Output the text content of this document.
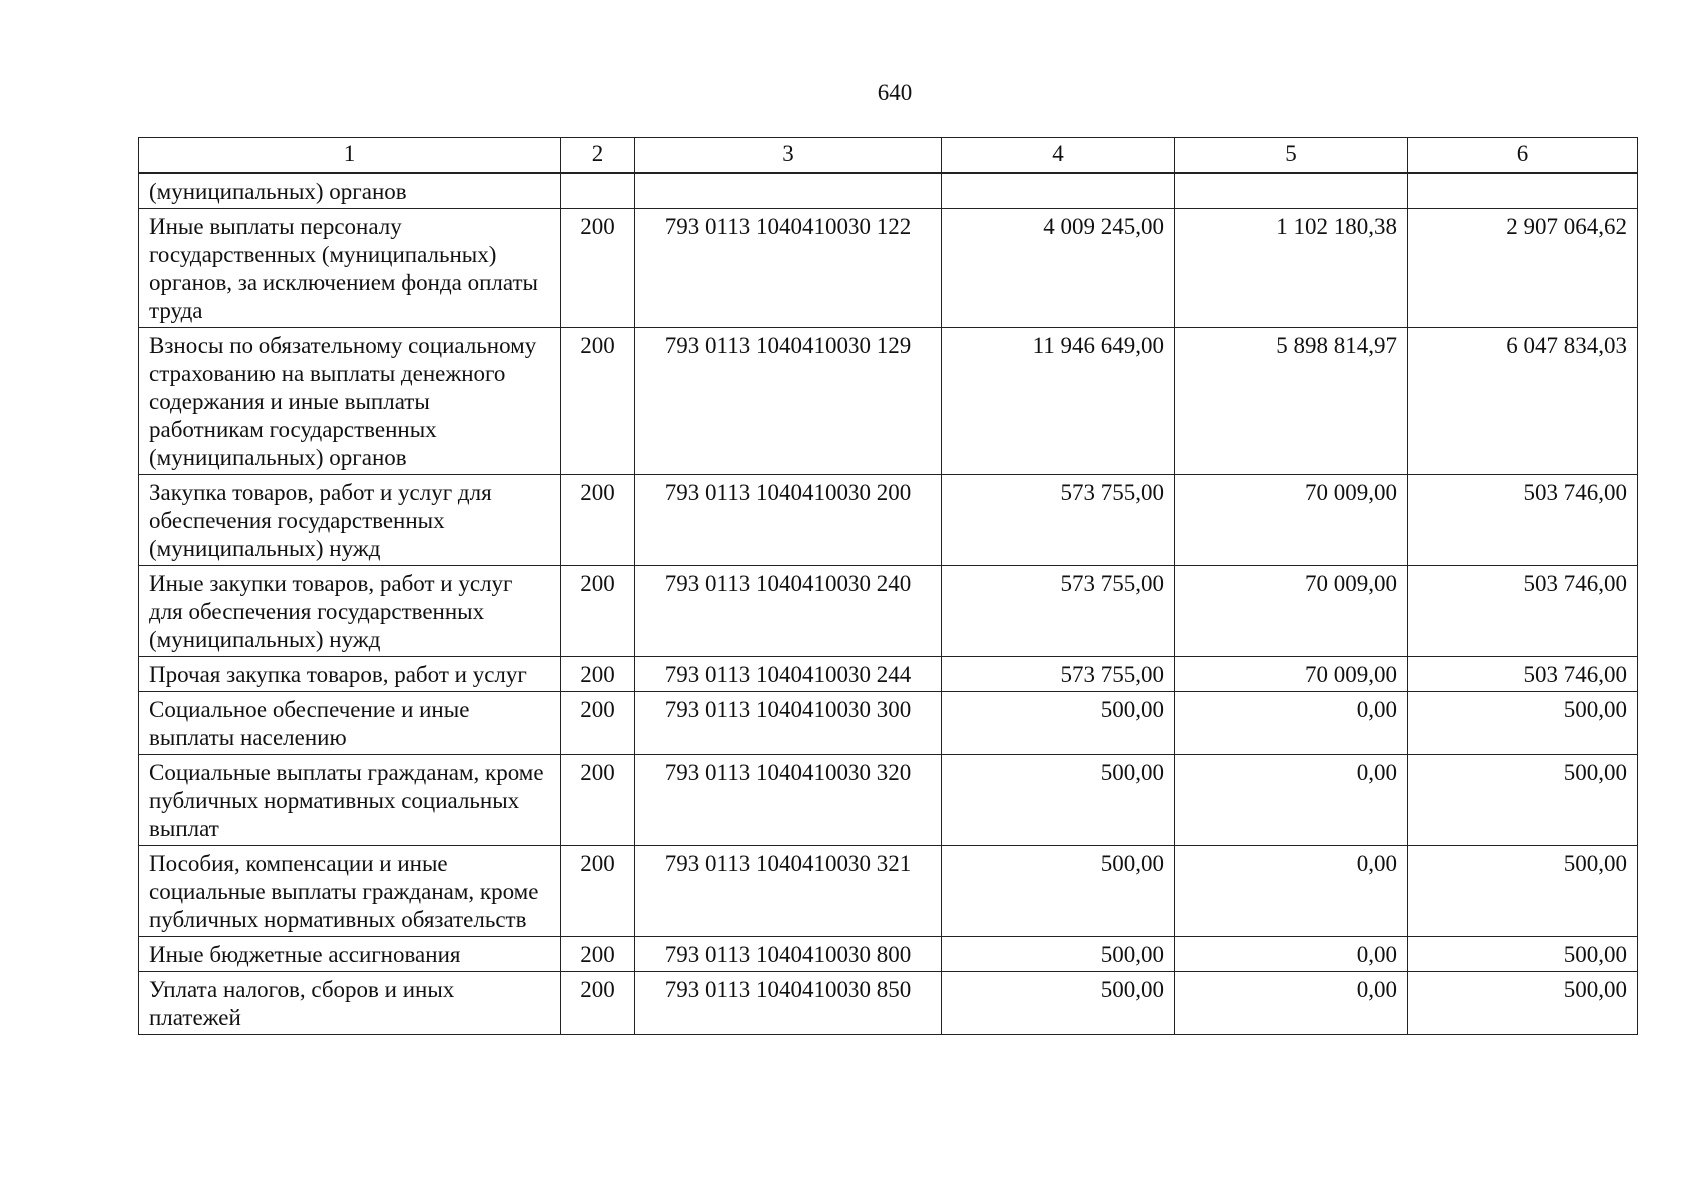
640
1	2	3	4	5	6
(муниципальных) органов					
Иные выплаты персоналу государственных (муниципальных) органов, за исключением фонда оплаты труда	200	793 0113 1040410030 122	4 009 245,00	1 102 180,38	2 907 064,62
Взносы по обязательному социальному страхованию на выплаты денежного содержания и иные выплаты работникам государственных (муниципальных) органов	200	793 0113 1040410030 129	11 946 649,00	5 898 814,97	6 047 834,03
Закупка товаров, работ и услуг для обеспечения государственных (муниципальных) нужд	200	793 0113 1040410030 200	573 755,00	70 009,00	503 746,00
Иные закупки товаров, работ и услуг для обеспечения государственных (муниципальных) нужд	200	793 0113 1040410030 240	573 755,00	70 009,00	503 746,00
Прочая закупка товаров, работ и услуг	200	793 0113 1040410030 244	573 755,00	70 009,00	503 746,00
Социальное обеспечение и иные выплаты населению	200	793 0113 1040410030 300	500,00	0,00	500,00
Социальные выплаты гражданам, кроме публичных нормативных социальных выплат	200	793 0113 1040410030 320	500,00	0,00	500,00
Пособия, компенсации и иные социальные выплаты гражданам, кроме публичных нормативных обязательств	200	793 0113 1040410030 321	500,00	0,00	500,00
Иные бюджетные ассигнования	200	793 0113 1040410030 800	500,00	0,00	500,00
Уплата налогов, сборов и иных платежей	200	793 0113 1040410030 850	500,00	0,00	500,00
